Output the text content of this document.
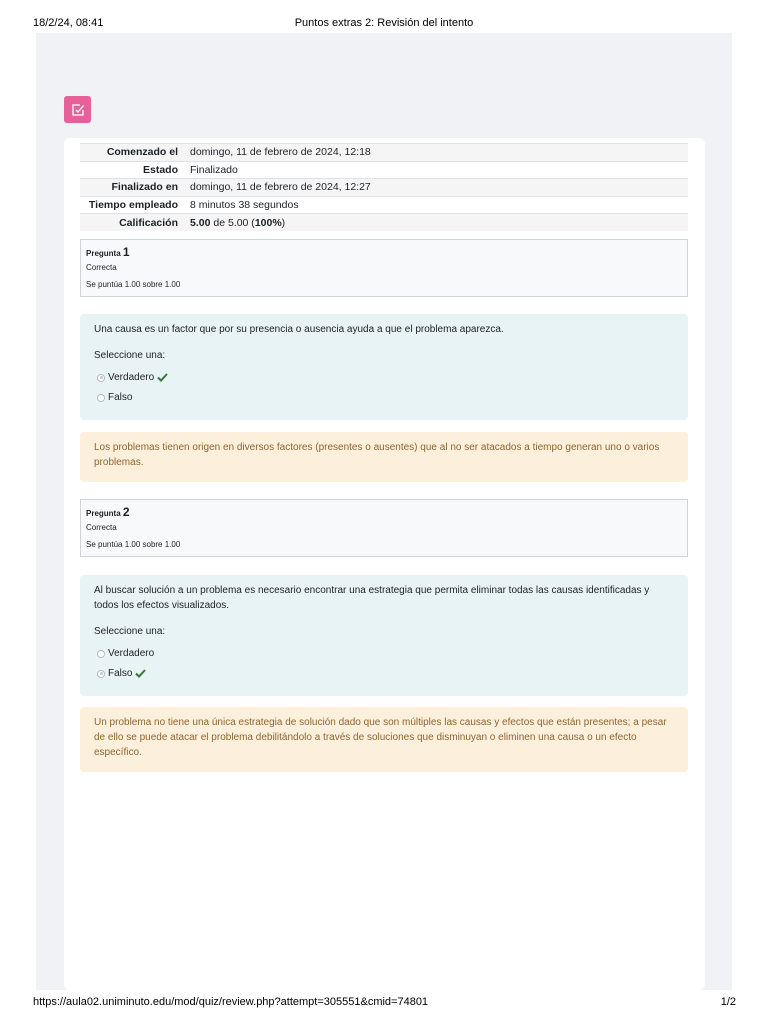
18/2/24, 08:41	Puntos extras 2: Revisión del intento
Comenzado el	domingo, 11 de febrero de 2024, 12:18
Estado	Finalizado
Finalizado en	domingo, 11 de febrero de 2024, 12:27
Tiempo empleado	8 minutos 38 segundos
Calificación	5.00 de 5.00 (100%)
Pregunta 1
Correcta
Se puntúa 1.00 sobre 1.00
Una causa es un factor que por su presencia o ausencia ayuda a que el problema aparezca.
Seleccione una:
Verdadero
Falso
Los problemas tienen origen en diversos factores (presentes o ausentes) que al no ser atacados a tiempo generan uno o varios problemas.
Pregunta 2
Correcta
Se puntúa 1.00 sobre 1.00
Al buscar solución a un problema es necesario encontrar una estrategia que permita eliminar todas las causas identificadas y todos los efectos visualizados.
Seleccione una:
Verdadero
Falso
Un problema no tiene una única estrategia de solución dado que son múltiples las causas y efectos que están presentes; a pesar de ello se puede atacar el problema debilitándolo a través de soluciones que disminuyan o eliminen una causa o un efecto específico.
https://aula02.uniminuto.edu/mod/quiz/review.php?attempt=305551&cmid=74801	1/2
